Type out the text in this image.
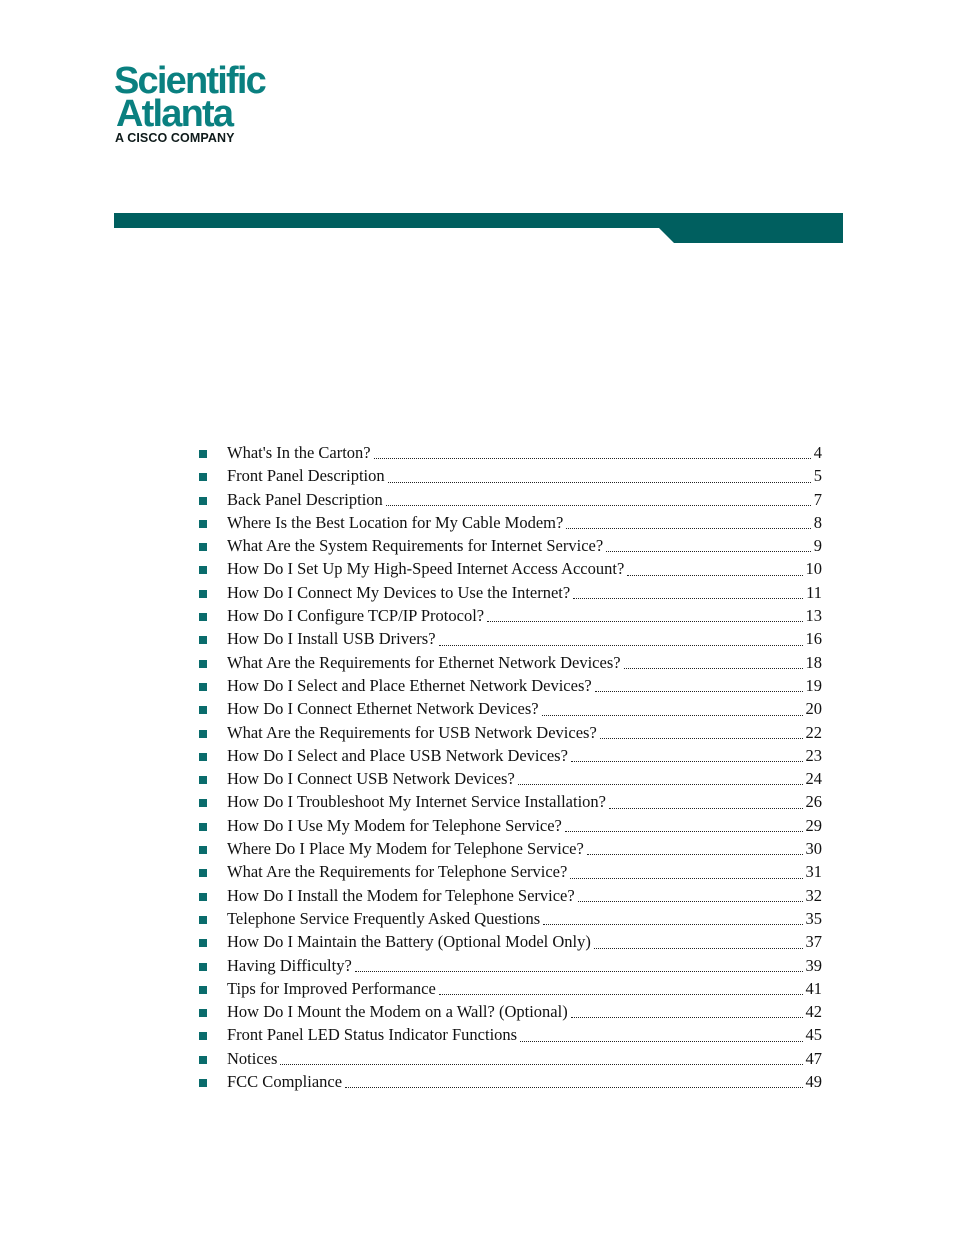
Scientific
Atlanta
A CISCO COMPANY
What's In the Carton?	4
Front Panel Description	5
Back Panel Description	7
Where Is the Best Location for My Cable Modem?	8
What Are the System Requirements for Internet Service?	9
How Do I Set Up My High-Speed Internet Access Account?	10
How Do I Connect My Devices to Use the Internet?	11
How Do I Configure TCP/IP Protocol?	13
How Do I Install USB Drivers?	16
What Are the Requirements for Ethernet Network Devices?	18
How Do I Select and Place Ethernet Network Devices?	19
How Do I Connect Ethernet Network Devices?	20
What Are the Requirements for USB Network Devices?	22
How Do I Select and Place USB Network Devices?	23
How Do I Connect USB Network Devices?	24
How Do I Troubleshoot My Internet Service Installation?	26
How Do I Use My Modem for Telephone Service?	29
Where Do I Place My Modem for Telephone Service?	30
What Are the Requirements for Telephone Service?	31
How Do I Install the Modem for Telephone Service?	32
Telephone Service Frequently Asked Questions	35
How Do I Maintain the Battery (Optional Model Only)	37
Having Difficulty?	39
Tips for Improved Performance	41
How Do I Mount the Modem on a Wall? (Optional)	42
Front Panel LED Status Indicator Functions	45
Notices	47
FCC Compliance	49
